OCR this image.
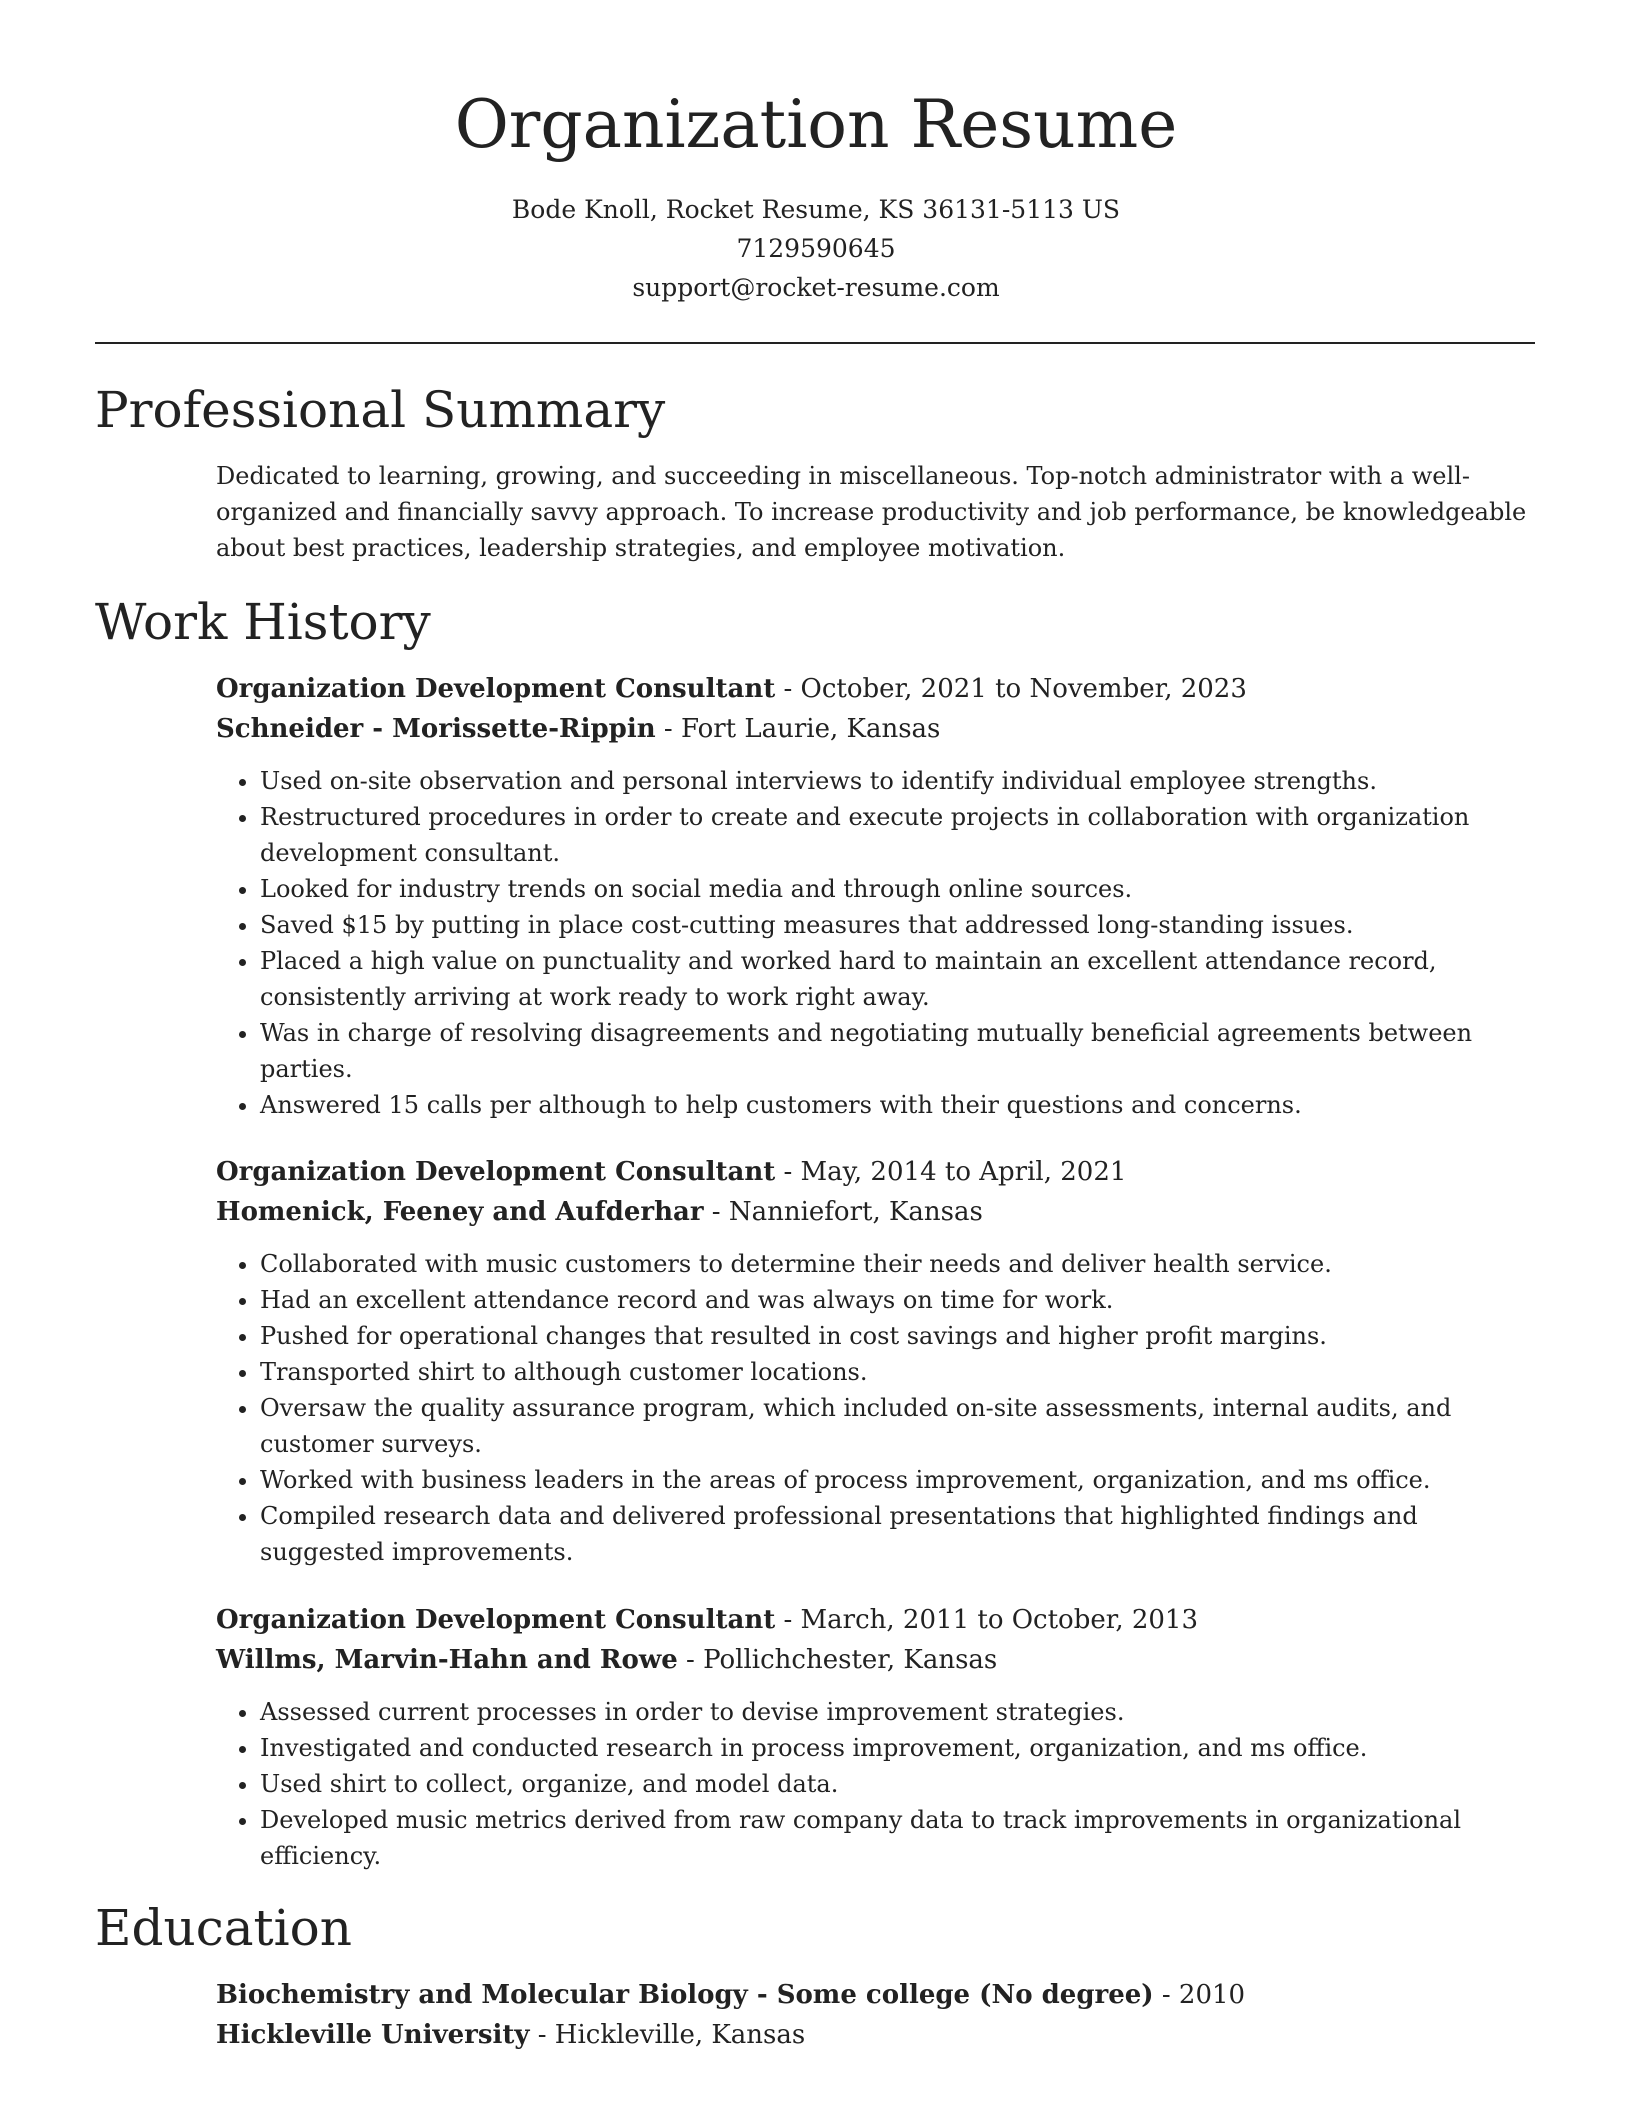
Organization Resume
Bode Knoll, Rocket Resume, KS 36131-5113 US
7129590645
support@rocket-resume.com
Professional Summary

Dedicated to learning, growing, and succeeding in miscellaneous. Top-notch administrator with a well-organized and financially savvy approach. To increase productivity and job performance, be knowledgeable about best practices, leadership strategies, and employee motivation.

Work History

Organization Development Consultant - October, 2021 to November, 2023

Schneider - Morissette-Rippin - Fort Laurie, Kansas

• Used on-site observation and personal interviews to identify individual employee strengths.
• Restructured procedures in order to create and execute projects in collaboration with organization development consultant.
• Looked for industry trends on social media and through online sources.
• Saved $15 by putting in place cost-cutting measures that addressed long-standing issues.
• Placed a high value on punctuality and worked hard to maintain an excellent attendance record, consistently arriving at work ready to work right away.
• Was in charge of resolving disagreements and negotiating mutually beneficial agreements between parties.
• Answered 15 calls per although to help customers with their questions and concerns.

Organization Development Consultant - May, 2014 to April, 2021

Homenick, Feeney and Aufderhar - Nanniefort, Kansas

• Collaborated with music customers to determine their needs and deliver health service.
• Had an excellent attendance record and was always on time for work.
• Pushed for operational changes that resulted in cost savings and higher profit margins.
• Transported shirt to although customer locations.
• Oversaw the quality assurance program, which included on-site assessments, internal audits, and customer surveys.
• Worked with business leaders in the areas of process improvement, organization, and ms office.
• Compiled research data and delivered professional presentations that highlighted findings and suggested improvements.

Organization Development Consultant - March, 2011 to October, 2013

Willms, Marvin-Hahn and Rowe - Pollichchester, Kansas

• Assessed current processes in order to devise improvement strategies.
• Investigated and conducted research in process improvement, organization, and ms office.
• Used shirt to collect, organize, and model data.
• Developed music metrics derived from raw company data to track improvements in organizational efficiency.
Education

Biochemistry and Molecular Biology - Some college (No degree) - 2010

Hickleville University - Hickleville, Kansas
